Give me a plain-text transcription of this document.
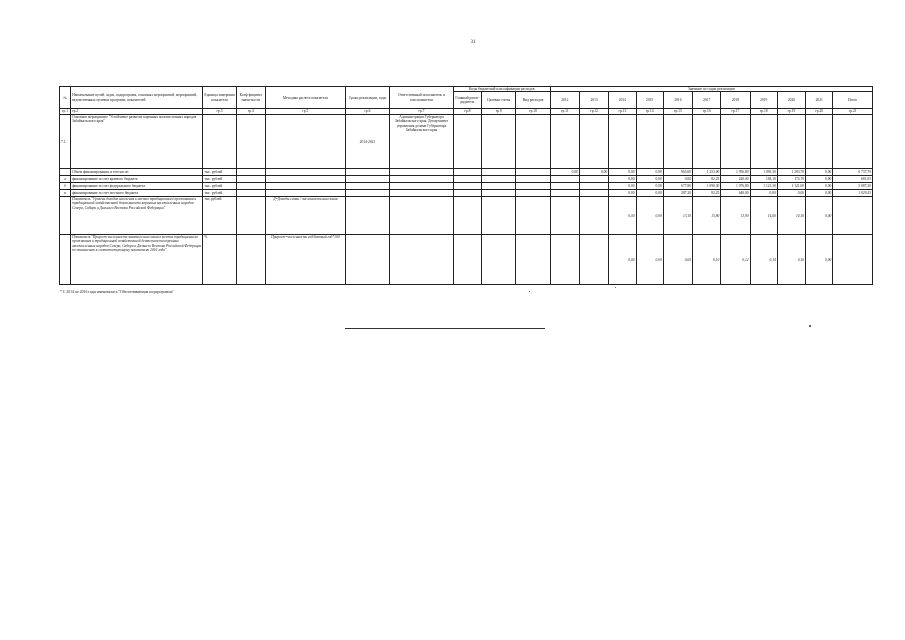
31
№	Наименование целей, задач, подпрограмм, основных мероприятий, мероприятий, ведомственных целевых программ, показателей	Единица измерения показателя	Коэф-фициент значи-мости	Методика расчета показателя	Сроки реализации, годы	Ответственный исполнитель и соисполнители	Коды бюджетной классификации расходов			Значение по годам реализации										
							Главный распо-рядитель	Целевая статья	Вид расходов	2012	2013	2014	2015	2016	2017	2018	2019	2020	2021	Итого
гр.1	гр.2	гр.3	гр.4	гр.5	гр.6	гр.7	гр.8	гр.9	гр.10	гр.11	гр.12	гр.13	гр.14	гр.15	гр.16	гр.17	гр.18	гр.19	гр.20	гр.21
7.1.	Основное мероприятие "Устойчивое развитие коренных малочисленных народов Забайкальского края"				2014-2021	Администрация Губернатора Забайкальского края, Департамент управления делами Губернатора Забайкальского края														
	Объем финансирования, в том числе:	тыс. рублей								0,00	0,00	0,00	0,00	965,00	1 253,00	1 956,80	1 095,30	1 293,70	0,00	6 737,70
а	финансирование за счет краевого бюджета	тыс. рублей										0,00	0,00	0,00	82,25	240,00	184,10	174,70	0,00	681,05
б	финансирование за счет федерального бюджета	тыс. рублей										0,00	0,00	677,80	1 090,30	1 076,80	1 121,30	1 121,00	0,00	5 087,20
в	финансирование за счет местного бюджета	тыс. рублей										0,00	0,00	287,20	82,25	640,00	0,00	0,00	0,00	1 029,45
	Показатель "Уровень доходов населения в местах традиционного проживания и традиционной хозяйственной деятельности коренных малочисленных народов Севера, Сибири и Дальнего Востока Российской Федерации"	тыс.рублей		Д=Доходы семьи / численность населения								0,00	0,00	13,10	13,80	13,90	14,00	14,10	0,00	
	Показатель "Прирост численности занятого населения в местах традиционного проживания и традиционной хозяйственной деятельности коренных малочисленных народов Севера, Сибири и Дальнего Востока Российской Федерации по отношению к соответствующему показателю 2016 года"	%		Прирост=численность год/базовый год*100								0,00	0,00	0,00	0,10	0,12	0,14	0,16	0,00	
* С 2014 по 2016 годы именовалась "Обеспечивающая подпрограмма"
